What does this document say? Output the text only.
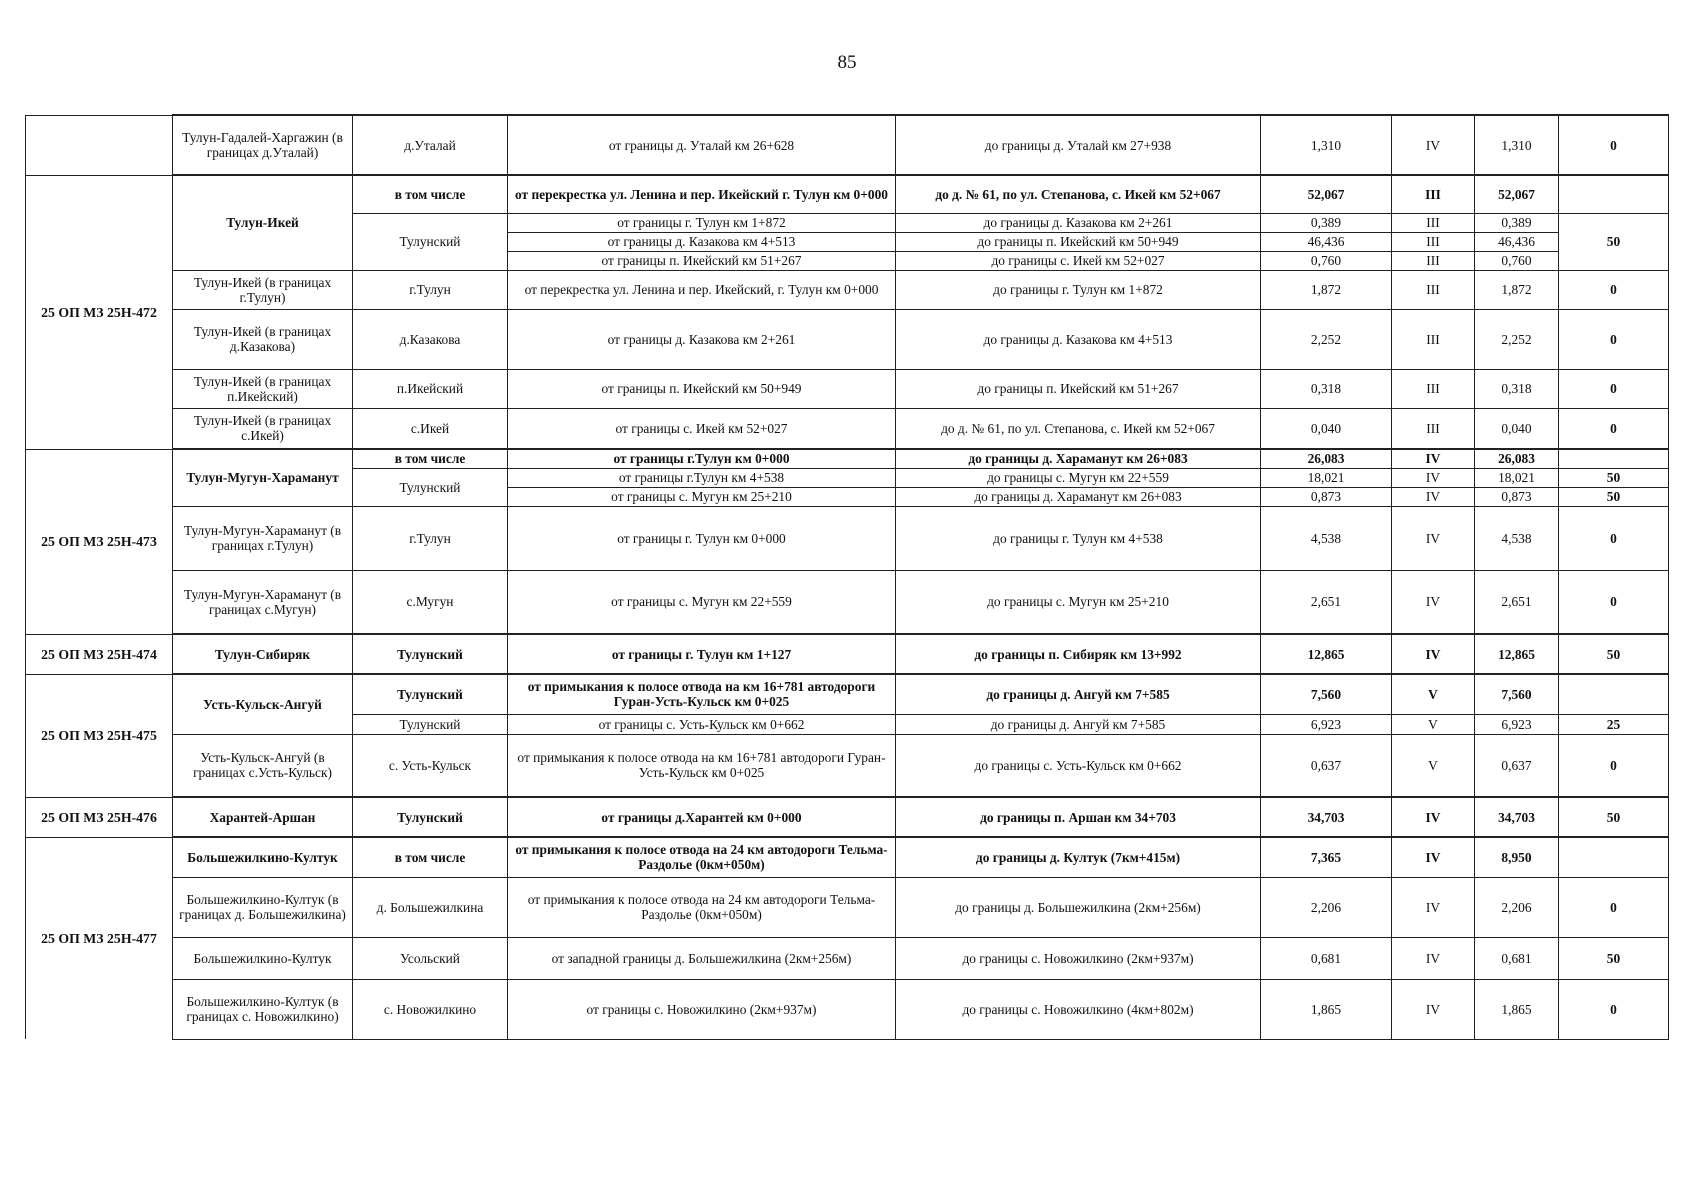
85
	Тулун-Гадалей-Харгажин (в границах д.Уталай)	д.Уталай	от границы д. Уталай км 26+628	до границы д. Уталай км 27+938	1,310	IV	1,310	0
25 ОП МЗ 25Н-472	Тулун-Икей	в том числе	от перекрестка ул. Ленина и пер. Икейский г. Тулун км 0+000	до д. № 61, по ул. Степанова, с. Икей км 52+067	52,067	III	52,067	
		Тулунский	от границы г. Тулун км 1+872	до границы д. Казакова км 2+261	0,389	III	0,389	50
			от границы д. Казакова км 4+513	до границы п. Икейский км 50+949	46,436	III	46,436	
			от границы п. Икейский км 51+267	до границы с. Икей км 52+027	0,760	III	0,760	
	Тулун-Икей (в границах г.Тулун)	г.Тулун	от перекрестка ул. Ленина и пер. Икейский, г. Тулун км 0+000	до границы г. Тулун км 1+872	1,872	III	1,872	0
	Тулун-Икей (в границах д.Казакова)	д.Казакова	от границы д. Казакова км 2+261	до границы д. Казакова км 4+513	2,252	III	2,252	0
	Тулун-Икей (в границах п.Икейский)	п.Икейский	от границы п. Икейский км 50+949	до границы п. Икейский км 51+267	0,318	III	0,318	0
	Тулун-Икей (в границах с.Икей)	с.Икей	от границы с. Икей км 52+027	до д. № 61, по ул. Степанова, с. Икей км 52+067	0,040	III	0,040	0
25 ОП МЗ 25Н-473	Тулун-Мугун-Хараманут	в том числе	от границы г.Тулун км 0+000	до границы д. Хараманут км 26+083	26,083	IV	26,083	
		Тулунский	от границы г.Тулун км 4+538	до границы с. Мугун км 22+559	18,021	IV	18,021	50
			от границы с. Мугун км 25+210	до границы д. Хараманут км 26+083	0,873	IV	0,873	50
	Тулун-Мугун-Хараманут (в границах г.Тулун)	г.Тулун	от границы г. Тулун км 0+000	до границы г. Тулун км 4+538	4,538	IV	4,538	0
	Тулун-Мугун-Хараманут (в границах с.Мугун)	с.Мугун	от границы с. Мугун км 22+559	до границы с. Мугун км 25+210	2,651	IV	2,651	0
25 ОП МЗ 25Н-474	Тулун-Сибиряк	Тулунский	от границы г. Тулун км 1+127	до границы п. Сибиряк км 13+992	12,865	IV	12,865	50
25 ОП МЗ 25Н-475	Усть-Кульск-Ангуй	Тулунский	от примыкания к полосе отвода на км 16+781 автодороги Гуран-Усть-Кульск км 0+025	до границы д. Ангуй км 7+585	7,560	V	7,560	
		Тулунский	от границы с. Усть-Кульск км 0+662	до границы д. Ангуй км 7+585	6,923	V	6,923	25
	Усть-Кульск-Ангуй (в границах с.Усть-Кульск)	с. Усть-Кульск	от примыкания к полосе отвода на км 16+781 автодороги Гуран-Усть-Кульск км 0+025	до границы с. Усть-Кульск км 0+662	0,637	V	0,637	0
25 ОП МЗ 25Н-476	Харантей-Аршан	Тулунский	от границы д.Харантей км 0+000	до границы п. Аршан км 34+703	34,703	IV	34,703	50
25 ОП МЗ 25Н-477	Большежилкино-Култук	в том числе	от примыкания к полосе отвода на 24 км автодороги Тельма-Раздолье (0км+050м)	до границы д. Култук (7км+415м)	7,365	IV	8,950	
	Большежилкино-Култук (в границах д. Большежилкина)	д. Большежилкина	от примыкания к полосе отвода на 24 км автодороги Тельма-Раздолье (0км+050м)	до границы д. Большежилкина (2км+256м)	2,206	IV	2,206	0
	Большежилкино-Култук	Усольский	от западной границы д. Большежилкина (2км+256м)	до границы с. Новожилкино (2км+937м)	0,681	IV	0,681	50
	Большежилкино-Култук (в границах с. Новожилкино)	с. Новожилкино	от границы с. Новожилкино (2км+937м)	до границы с. Новожилкино (4км+802м)	1,865	IV	1,865	0
